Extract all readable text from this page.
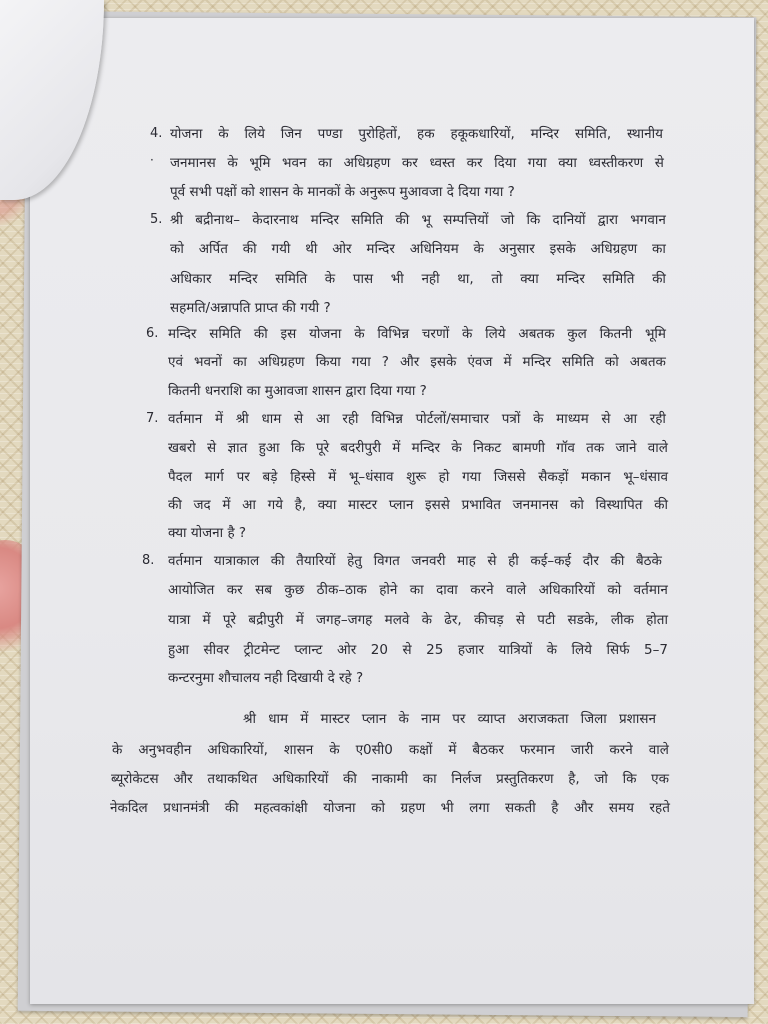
4.
·
योजना के लिये जिन पण्डा पुरोहितों, हक हकूकधारियों, मन्दिर समिति, स्थानीय
जनमानस के भूमि भवन का अधिग्रहण कर ध्वस्त कर दिया गया क्या ध्वस्तीकरण से
पूर्व सभी पक्षों को शासन के मानकों के अनुरूप मुआवजा दे दिया गया ?
5. श्री बद्रीनाथ– केदारनाथ मन्दिर समिति की भू सम्पत्तियों जो कि दानियों द्वारा भगवान
को अर्पित की गयी थी ओर मन्दिर अधिनियम के अनुसार इसके अधिग्रहण का
अधिकार मन्दिर समिति के पास भी नही था, तो क्या मन्दिर समिति की
सहमति/अन्नापति प्राप्त की गयी ?
6. मन्दिर समिति की इस योजना के विभिन्न चरणों के लिये अबतक कुल कितनी भूमि
एवं भवनों का अधिग्रहण किया गया ? और इसके एंवज में मन्दिर समिति को अबतक
कितनी धनराशि का मुआवजा शासन द्वारा दिया गया ?
7. वर्तमान में श्री धाम से आ रही विभिन्न पोर्टलों/समाचार पत्रों के माध्यम से आ रही
खबरो से ज्ञात हुआ कि पूरे बदरीपुरी में मन्दिर के निकट बामणी गॉव तक जाने वाले
पैदल मार्ग पर बड़े हिस्से में भू–धंसाव शुरू हो गया जिससे सैकड़ों मकान भू–धंसाव
की जद में आ गये है, क्या मास्टर प्लान इससे प्रभावित जनमानस को विस्थापित की
क्या योजना है ?
8. वर्तमान यात्राकाल की तैयारियों हेतु विगत जनवरी माह से ही कई–कई दौर की बैठके
आयोजित कर सब कुछ ठीक–ठाक होने का दावा करने वाले अधिकारियों को वर्तमान
यात्रा में पूरे बद्रीपुरी में जगह–जगह मलवे के ढेर, कीचड़ से पटी सडके, लीक होता
हुआ सीवर ट्रीटमेन्ट प्लान्ट ओर 20 से 25 हजार यात्रियों के लिये सिर्फ 5–7
कन्टरनुमा शौचालय नही दिखायी दे रहे ?
श्री धाम में मास्टर प्लान के नाम पर व्याप्त अराजकता जिला प्रशासन
के अनुभवहीन अधिकारियों, शासन के ए0सी0 कक्षों में बैठकर फरमान जारी करने वाले
ब्यूरोकेटस और तथाकथित अधिकारियों की नाकामी का निर्लज प्रस्तुतिकरण है, जो कि एक
नेकदिल प्रधानमंत्री की महत्वकांक्षी योजना को ग्रहण भी लगा सकती है और समय रहते
